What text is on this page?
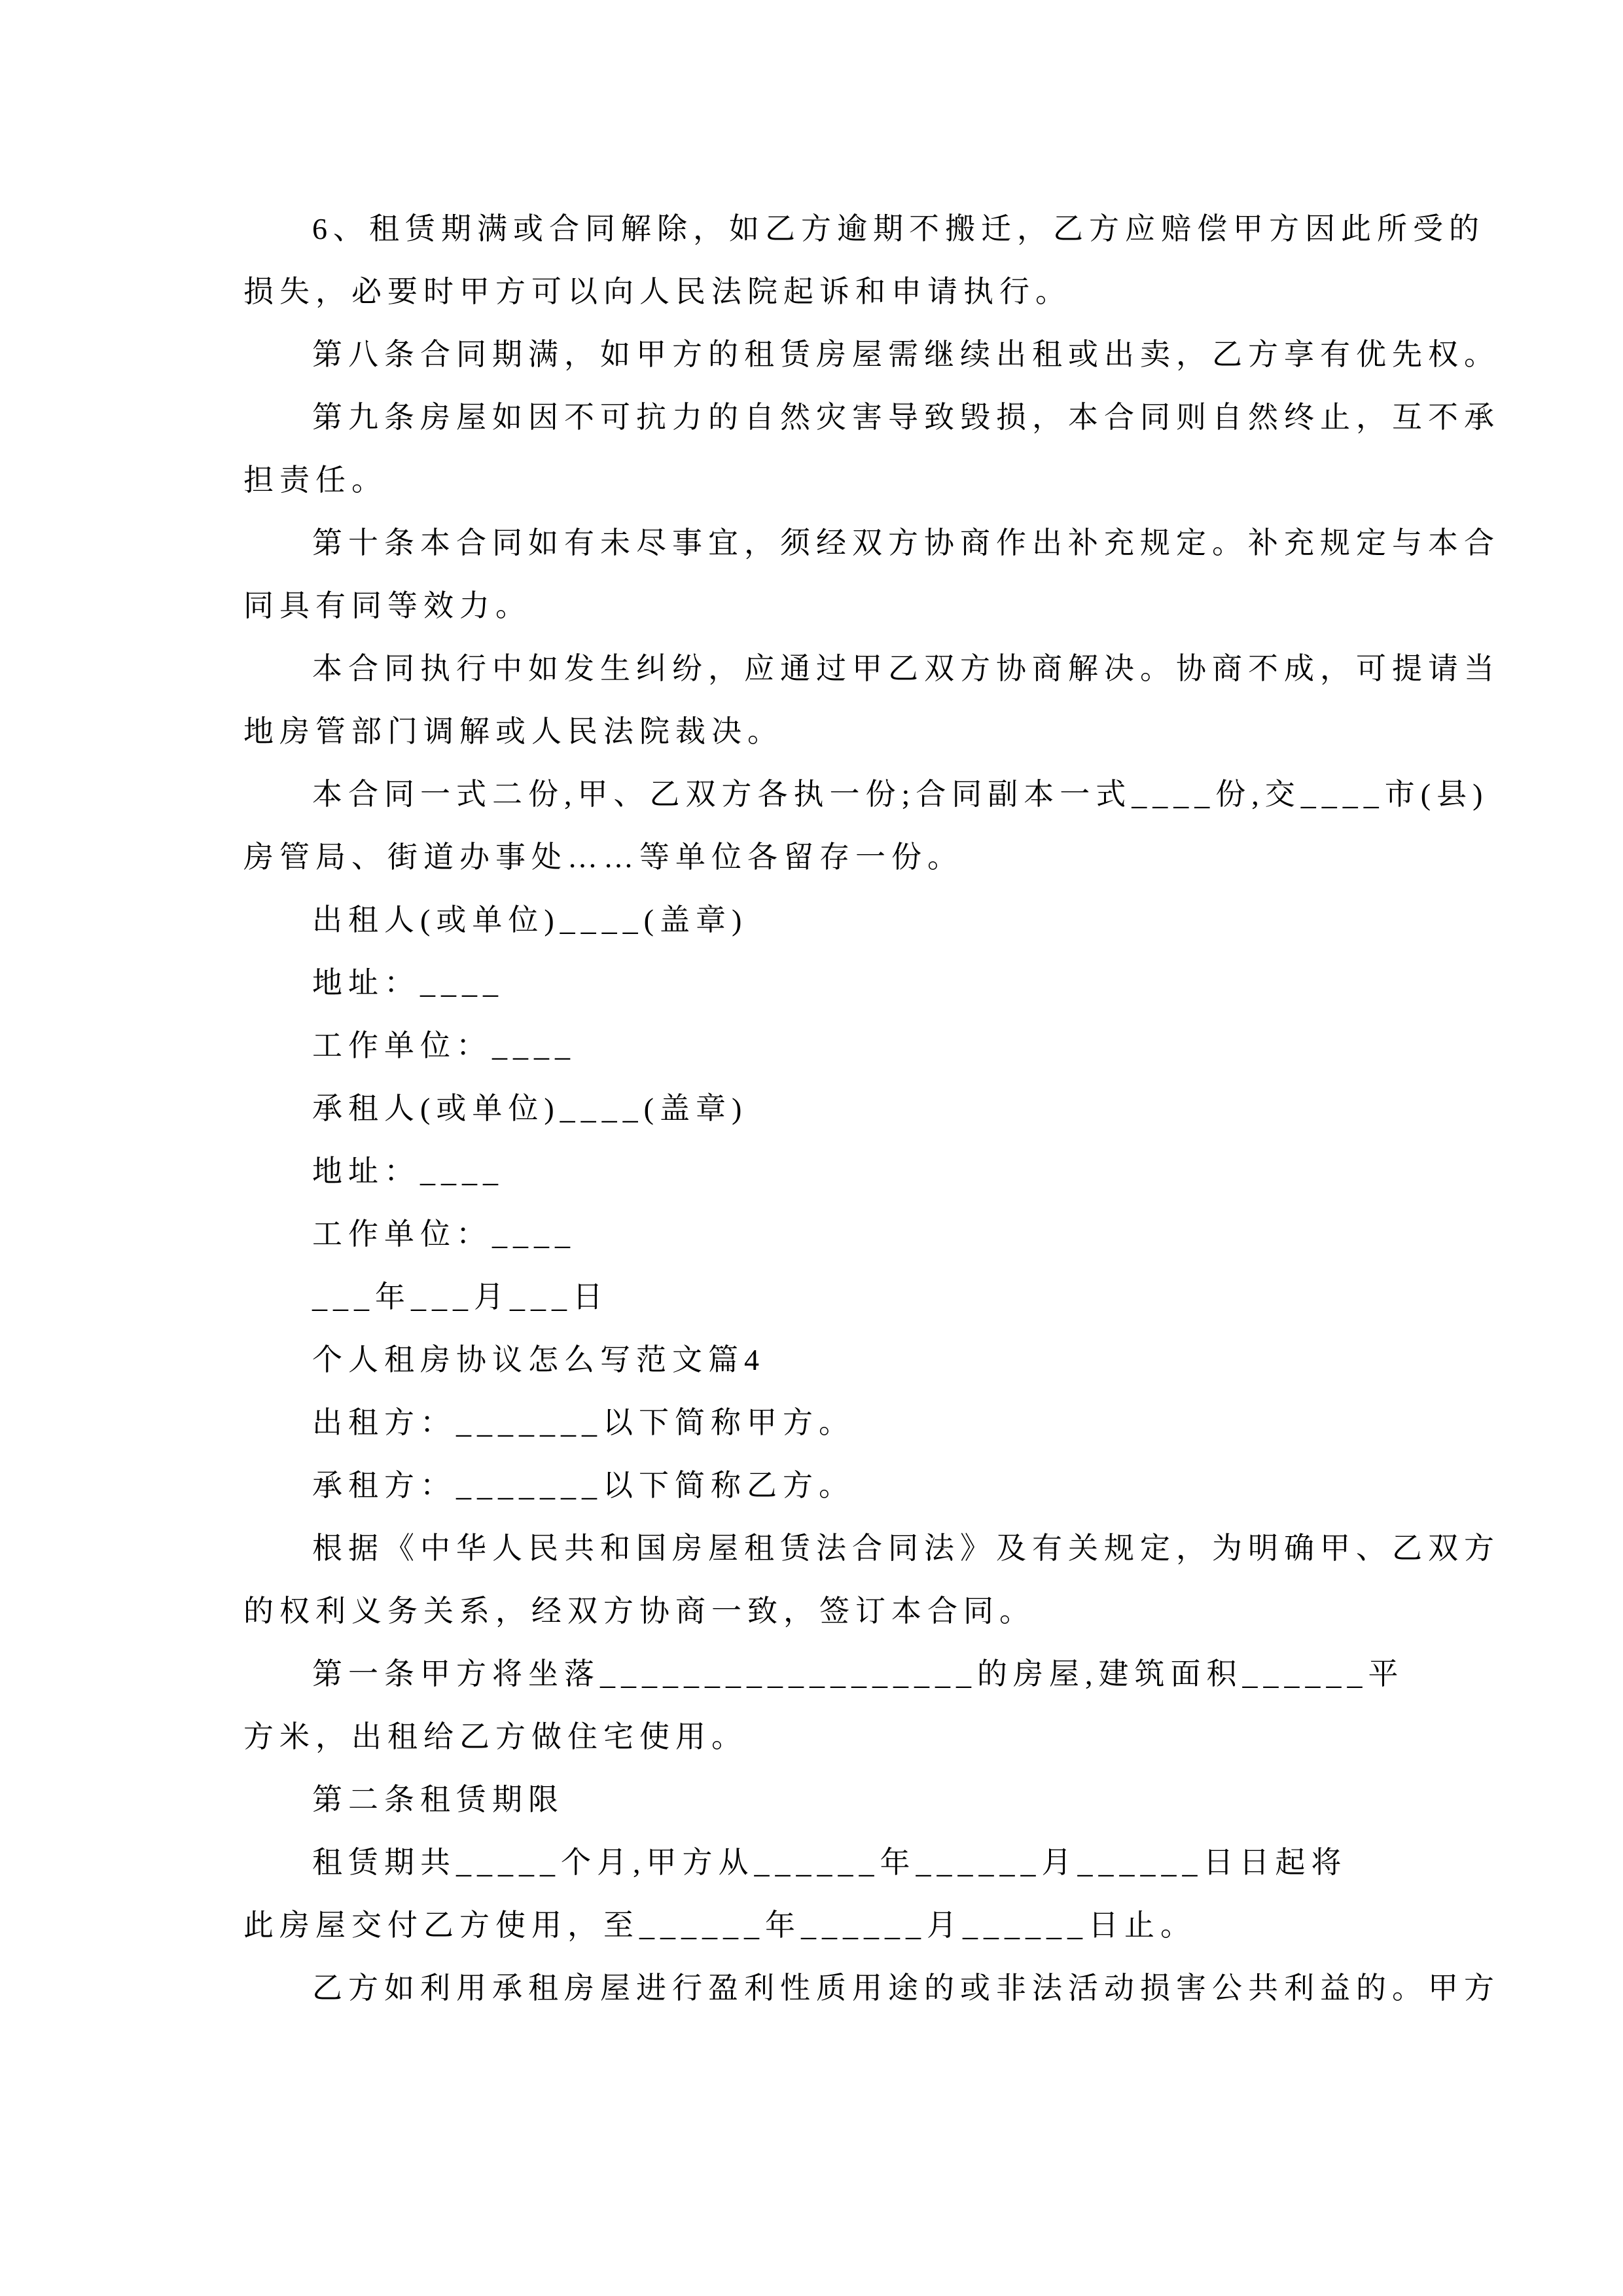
6、租赁期满或合同解除，如乙方逾期不搬迁，乙方应赔偿甲方因此所受的

损失，必要时甲方可以向人民法院起诉和申请执行。

第八条合同期满，如甲方的租赁房屋需继续出租或出卖，乙方享有优先权。

第九条房屋如因不可抗力的自然灾害导致毁损，本合同则自然终止，互不承

担责任。

第十条本合同如有未尽事宜，须经双方协商作出补充规定。补充规定与本合

同具有同等效力。

本合同执行中如发生纠纷，应通过甲乙双方协商解决。协商不成，可提请当

地房管部门调解或人民法院裁决。

本合同一式二份,甲、乙双方各执一份;合同副本一式____份,交____市(县)

房管局、街道办事处……等单位各留存一份。

出租人(或单位)____(盖章)

地址：____

工作单位：____

承租人(或单位)____(盖章)

地址：____

工作单位：____

___年___月___日

个人租房协议怎么写范文篇4

出租方：_______以下简称甲方。

承租方：_______以下简称乙方。

根据《中华人民共和国房屋租赁法合同法》及有关规定，为明确甲、乙双方

的权利义务关系，经双方协商一致，签订本合同。

第一条甲方将坐落__________________的房屋,建筑面积______平

方米，出租给乙方做住宅使用。

第二条租赁期限

租赁期共_____个月,甲方从______年______月______日日起将

此房屋交付乙方使用，至______年______月______日止。

乙方如利用承租房屋进行盈利性质用途的或非法活动损害公共利益的。甲方
